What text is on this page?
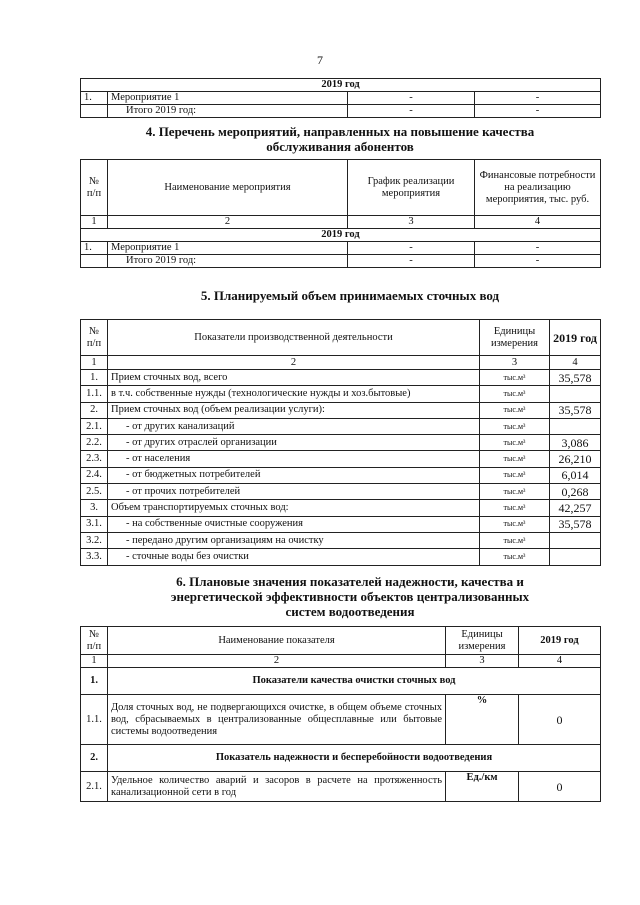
7
2019 год			
1.	Мероприятие 1	-	-
	Итого 2019 год:	-	-
4. Перечень мероприятий, направленных на повышение качества
обслуживания абонентов
№ п/п	Наименование мероприятия	График реализации мероприятия	Финансовые потребности на реализацию мероприятия, тыс. руб.
1	2	3	4
2019 год			
1.	Мероприятие 1	-	-
	Итого 2019 год:	-	-
5. Планируемый объем принимаемых сточных вод
№ п/п	Показатели производственной деятельности	Единицы измерения	2019 год
1	2	3	4
1.	Прием сточных вод, всего	тыс.м³	35,578
1.1.	в т.ч. собственные нужды (технологические нужды и хоз.бытовые)	тыс.м³	
2.	Прием сточных вод (объем реализации услуги):	тыс.м³	35,578
2.1.	- от других канализаций	тыс.м³	
2.2.	- от других отраслей организации	тыс.м³	3,086
2.3.	- от населения	тыс.м³	26,210
2.4.	- от бюджетных потребителей	тыс.м³	6,014
2.5.	- от прочих потребителей	тыс.м³	0,268
3.	Объем транспортируемых сточных вод:	тыс.м³	42,257
3.1.	- на собственные очистные сооружения	тыс.м³	35,578
3.2.	- передано другим организациям на очистку	тыс.м³	
3.3.	- сточные воды без очистки	тыс.м³	
6. Плановые значения показателей надежности, качества и
энергетической эффективности объектов централизованных
систем водоотведения
№ п/п	Наименование показателя	Единицы измерения	2019 год
1	2	3	4
1.	Показатели качества очистки сточных вод		
1.1.	Доля сточных вод, не подвергающихся очистке, в общем объеме сточных вод, сбрасываемых в централизованные общесплавные или бытовые системы водоотведения	%	0
2.	Показатель надежности и бесперебойности водоотведения		
2.1.	Удельное количество аварий и засоров в расчете на протяженность канализационной сети в год	Ед./км	0
